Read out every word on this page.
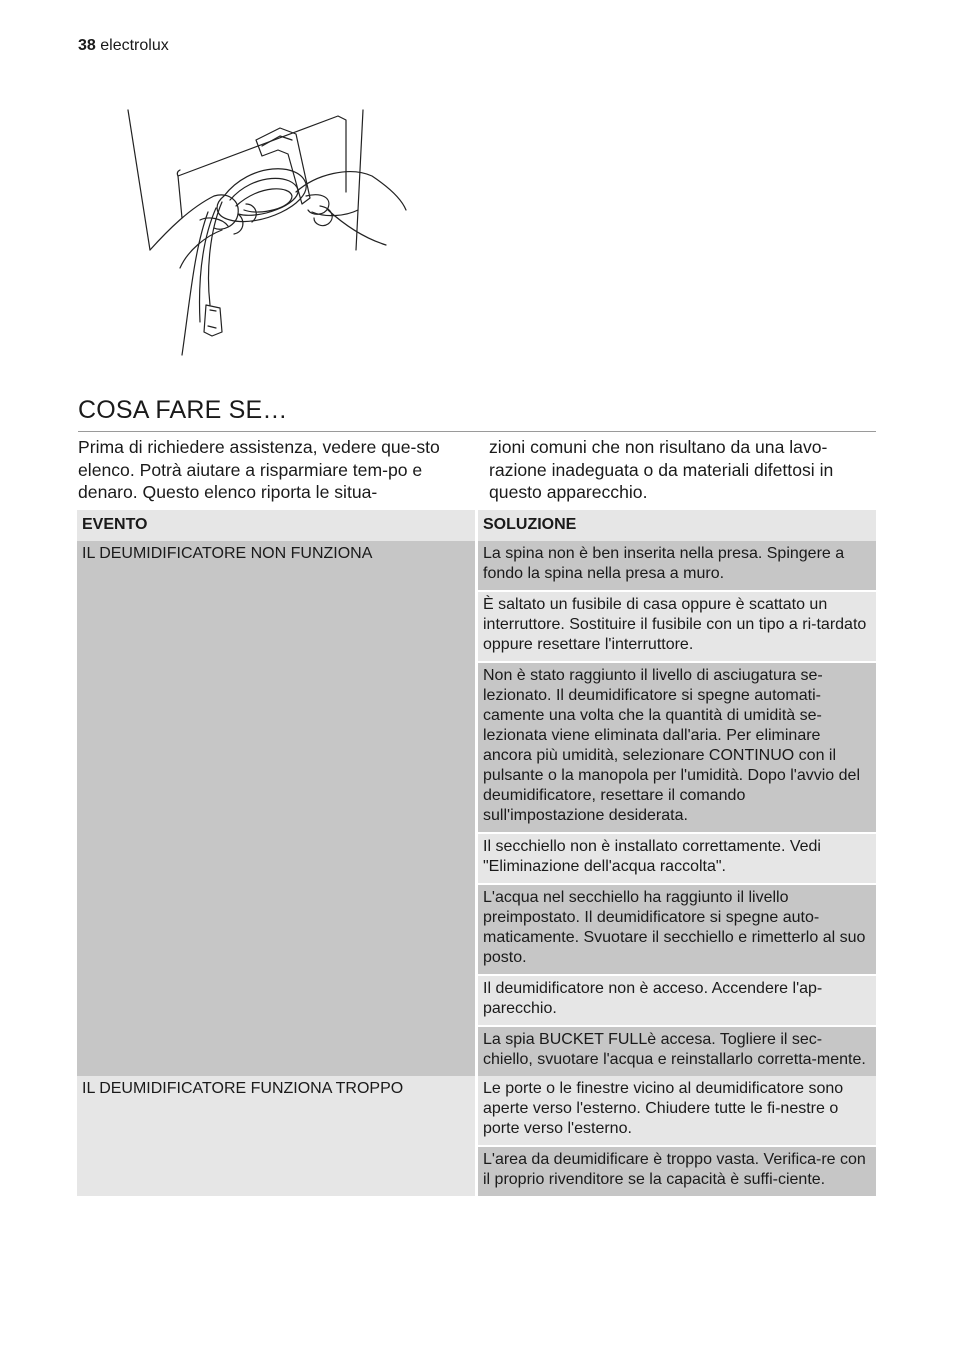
38 electrolux
COSA FARE SE…

Prima di richiedere assistenza, vedere que-sto elenco. Potrà aiutare a risparmiare tem-po e denaro. Questo elenco riporta le situa-

zioni comuni che non risultano da una lavo-razione inadeguata o da materiali difettosi in questo apparecchio.

EVENTO	SOLUZIONE
IL DEUMIDIFICATORE NON FUNZIONA	La spina non è ben inserita nella presa. Spingere a fondo la spina nella presa a muro.
	È saltato un fusibile di casa oppure è scattato un interruttore. Sostituire il fusibile con un tipo a ri-tardato oppure resettare l'interruttore.
	Non è stato raggiunto il livello di asciugatura se-lezionato. Il deumidificatore si spegne automati-camente una volta che la quantità di umidità se-lezionata viene eliminata dall'aria. Per eliminare ancora più umidità, selezionare CONTINUO con il pulsante o la manopola per l'umidità. Dopo l'avvio del deumidificatore, resettare il comando sull'impostazione desiderata.
	Il secchiello non è installato correttamente. Vedi "Eliminazione dell'acqua raccolta".
	L'acqua nel secchiello ha raggiunto il livello preimpostato. Il deumidificatore si spegne auto-maticamente. Svuotare il secchiello e rimetterlo al suo posto.
	Il deumidificatore non è acceso. Accendere l'ap-parecchio.
	La spia BUCKET FULLè accesa. Togliere il sec-chiello, svuotare l'acqua e reinstallarlo corretta-mente.
IL DEUMIDIFICATORE FUNZIONA TROPPO	Le porte o le finestre vicino al deumidificatore sono aperte verso l'esterno. Chiudere tutte le fi-nestre o porte verso l'esterno.
	L'area da deumidificare è troppo vasta. Verifica-re con il proprio rivenditore se la capacità è suffi-ciente.
